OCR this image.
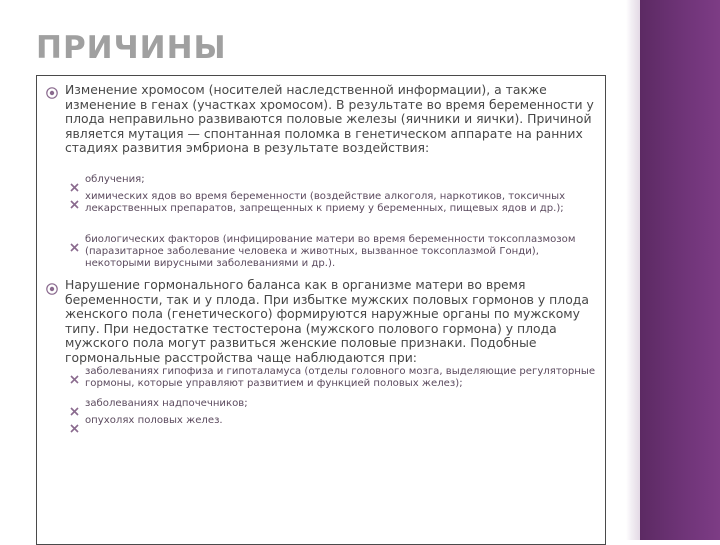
ПРИЧИНЫ

Изменение хромосом (носителей наследственной информации), а также изменение в генах (участках хромосом). В результате во время беременности у плода неправильно развиваются половые железы (яичники и яички). Причиной является мутация — спонтанная поломка в генетическом аппарате на ранних стадиях развития эмбриона в результате воздействия:

облучения;
химических ядов во время беременности (воздействие алкоголя, наркотиков, токсичных лекарственных препаратов, запрещенных к приему у беременных, пищевых ядов и др.);
биологических факторов (инфицирование матери во время беременности токсоплазмозом (паразитарное заболевание человека и животных, вызванное токсоплазмой Гонди), некоторыми вирусными заболеваниями и др.).

Нарушение гормонального баланса как в организме матери во время беременности, так и у плода. При избытке мужских половых гормонов у плода женского пола (генетического) формируются наружные органы по мужскому типу. При недостатке тестостерона (мужского полового гормона) у плода мужского пола могут развиться женские половые признаки. Подобные гормональные расстройства чаще наблюдаются при:

заболеваниях гипофиза и гипоталамуса (отделы головного мозга, выделяющие регуляторные гормоны, которые управляют развитием и функцией половых желез);
заболеваниях надпочечников;
опухолях половых желез.
